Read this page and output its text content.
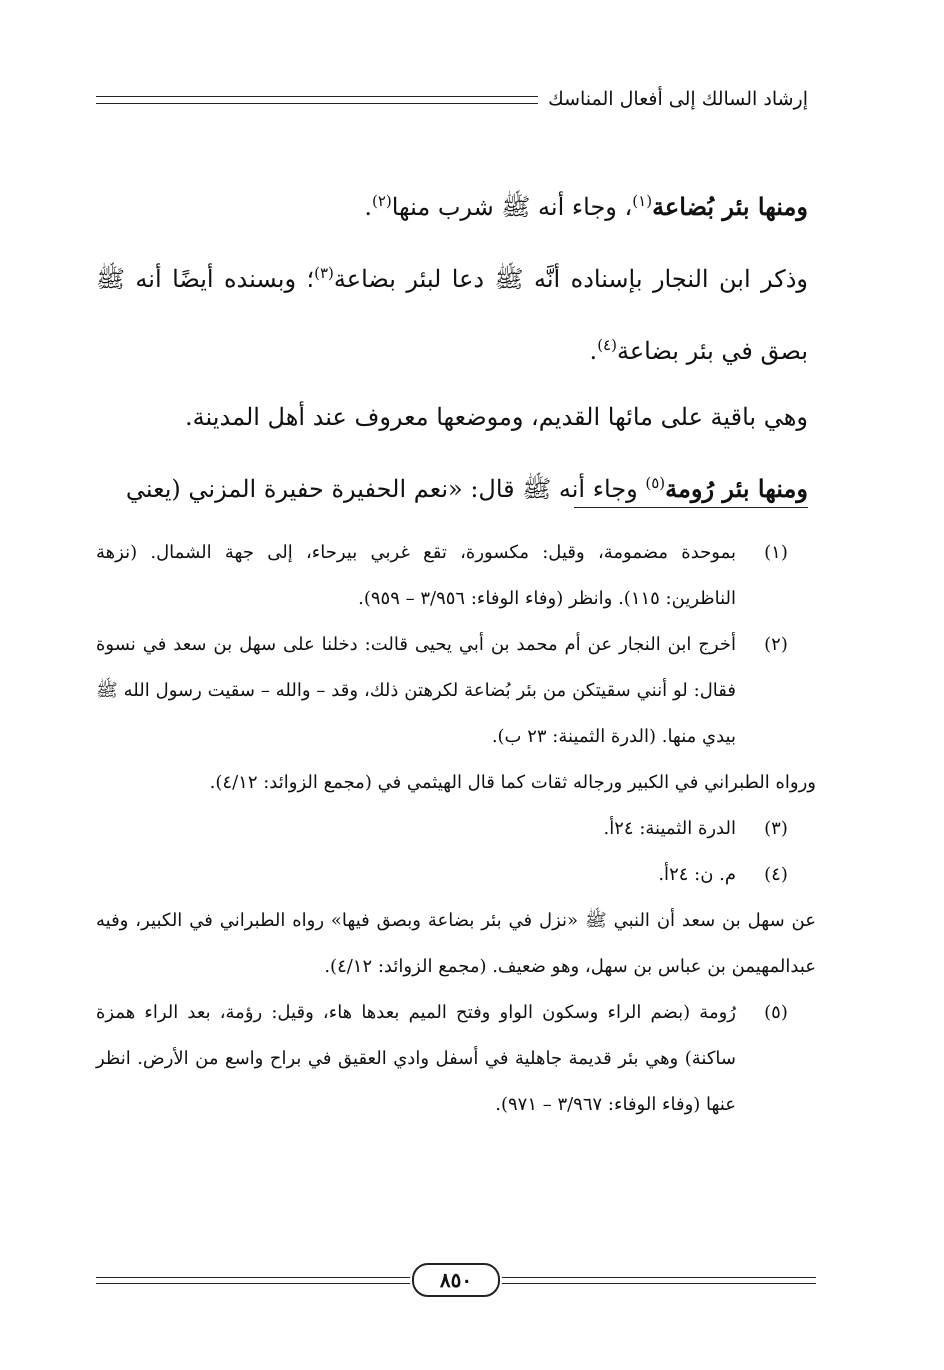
إرشاد السالك إلى أفعال المناسك

ومنها بئر بُضاعة$^{(١)}$، وجاء أنه ﷺ شرب منها$^{(٢)}$.

وذكر ابن النجار بإسناده أنَّه ﷺ دعا لبئر بضاعة$^{(٣)}$؛ وبسنده أيضًا أنه ﷺ بصق في بئر بضاعة$^{(٤)}$.

وهي باقية على مائها القديم، وموضعها معروف عند أهل المدينة.

ومنها بئر رُومة$^{(٥)}$ وجاء أنه ﷺ قال: «نعم الحفيرة حفيرة المزني (يعني

(١)
بموحدة مضمومة، وقيل: مكسورة، تقع غربي بيرحاء، إلى جهة الشمال. (نزهة الناظرين: ١١٥). وانظر (وفاء الوفاء: ٣/٩٥٦ – ٩٥٩).
(٢)
أخرج ابن النجار عن أم محمد بن أبي يحيى قالت: دخلنا على سهل بن سعد في نسوة فقال: لو أنني سقيتكن من بئر بُضاعة لكرهتن ذلك، وقد – والله – سقيت رسول الله ﷺ بيدي منها. (الدرة الثمينة: ٢٣ ب).

ورواه الطبراني في الكبير ورجاله ثقات كما قال الهيثمي في (مجمع الزوائد: ٤/١٢).

(٣)
الدرة الثمينة: ٢٤أ.
(٤)
م. ن: ٢٤أ.

عن سهل بن سعد أن النبي ﷺ «نزل في بئر بضاعة وبصق فيها» رواه الطبراني في الكبير، وفيه عبدالمهيمن بن عباس بن سهل، وهو ضعيف. (مجمع الزوائد: ٤/١٢).

(٥)
رُومة (بضم الراء وسكون الواو وفتح الميم بعدها هاء، وقيل: رؤمة، بعد الراء همزة ساكنة) وهي بئر قديمة جاهلية في أسفل وادي العقيق في براح واسع من الأرض. انظر عنها (وفاء الوفاء: ٣/٩٦٧ – ٩٧١).
٨٥٠
